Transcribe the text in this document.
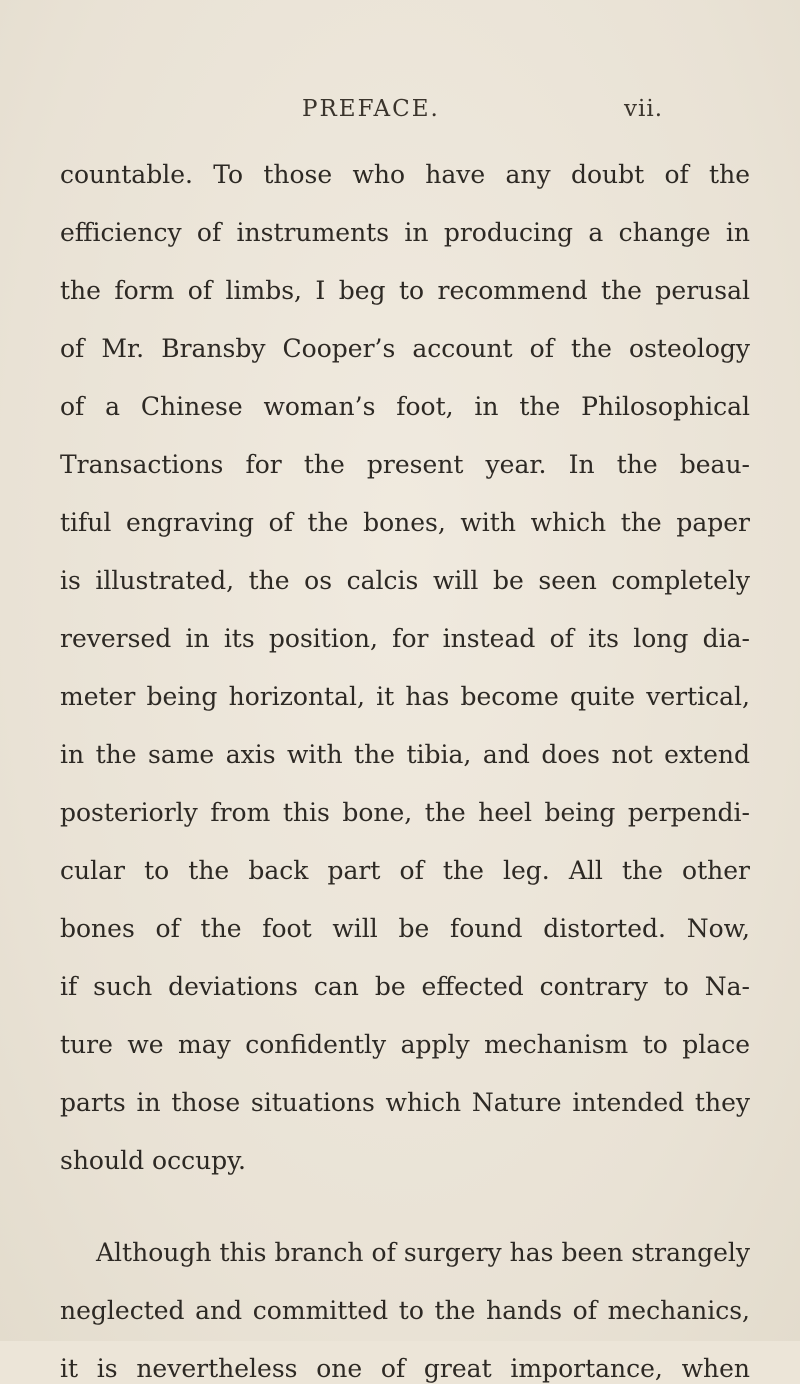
PREFACE.	vii.
countable. To those who have any doubt of the
efficiency of instruments in producing a change in
the form of limbs, I beg to recommend the perusal
of Mr. Bransby Cooper’s account of the osteology
of a Chinese woman’s foot, in the Philosophical
Transactions for the present year. In the beau-
tiful engraving of the bones, with which the paper
is illustrated, the os calcis will be seen completely
reversed in its position, for instead of its long dia-
meter being horizontal, it has become quite vertical,
in the same axis with the tibia, and does not extend
posteriorly from this bone, the heel being perpendi-
cular to the back part of the leg. All the other
bones of the foot will be found distorted. Now,
if such deviations can be effected contrary to Na-
ture we may confidently apply mechanism to place
parts in those situations which Nature intended they
should occupy.
Although this branch of surgery has been strangely
neglected and committed to the hands of mechanics,
it is nevertheless one of great importance, when
